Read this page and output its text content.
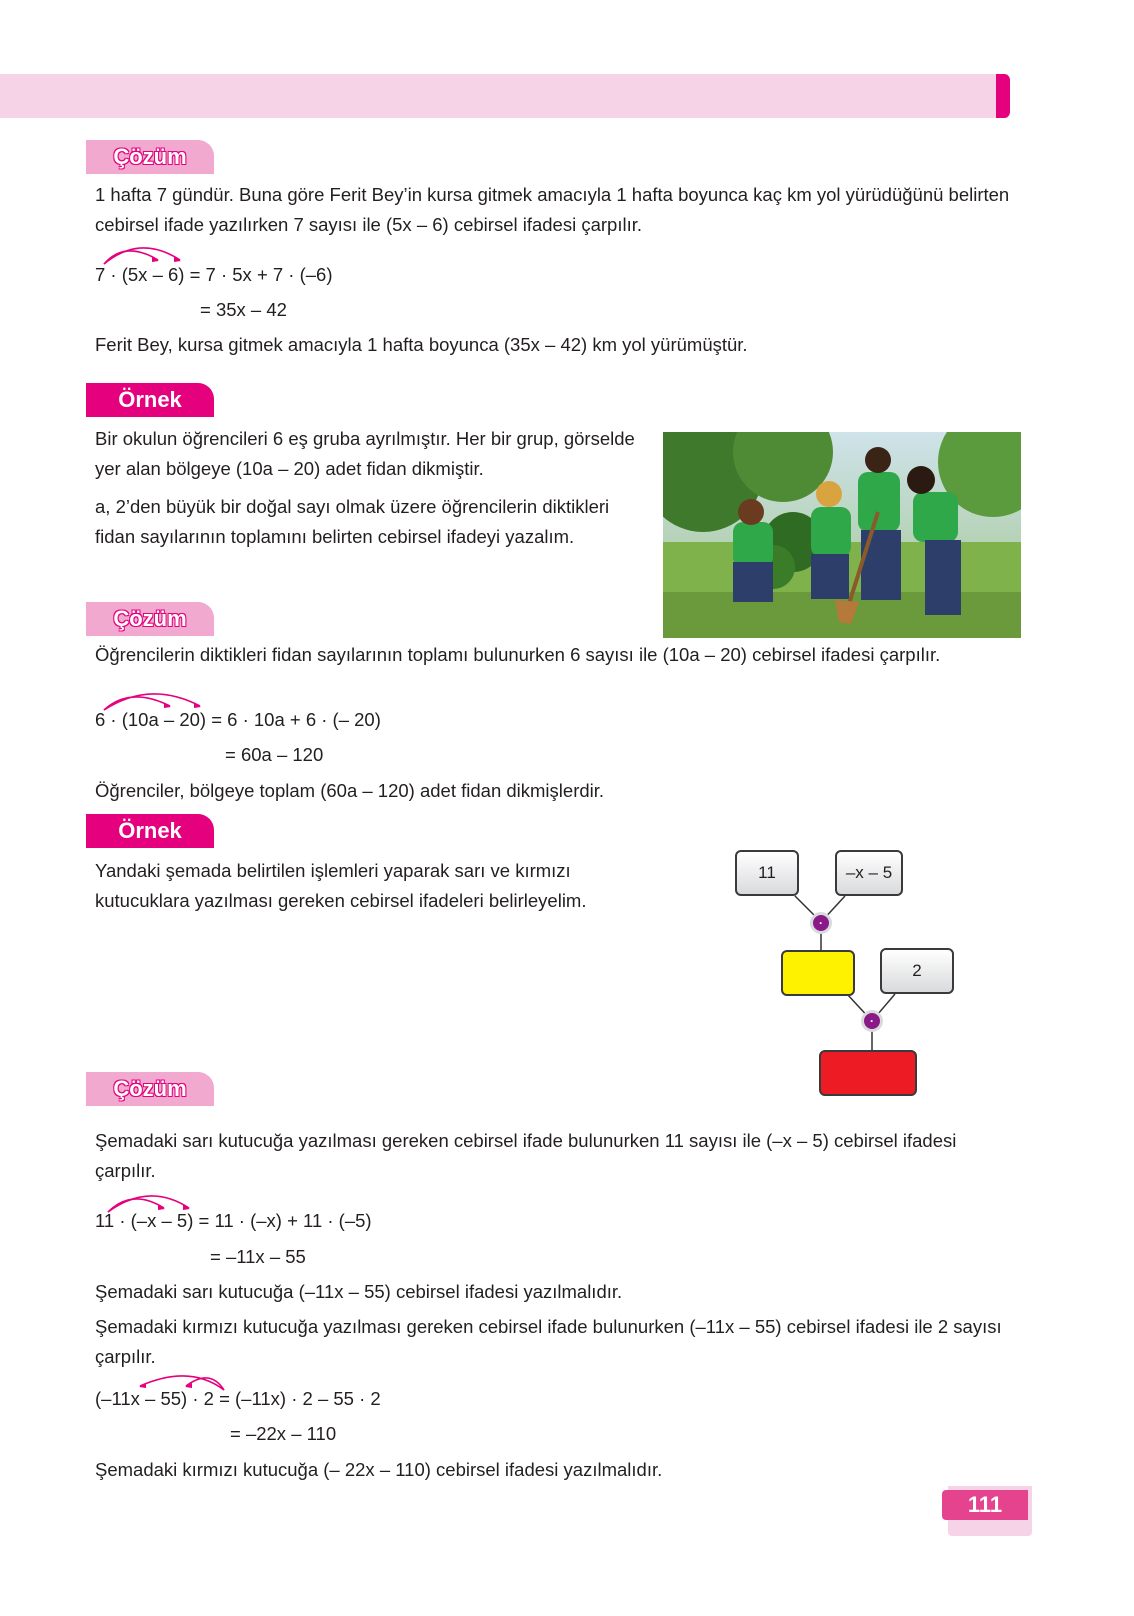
Çözüm

1 hafta 7 gündür. Buna göre Ferit Bey’in kursa gitmek amacıyla 1 hafta boyunca kaç km yol yürüdüğünü belirten cebirsel ifade yazılırken 7 sayısı ile (5x – 6) cebirsel ifadesi çarpılır.

7 · (5x – 6) = 7 · 5x + 7 · (–6)
= 35x – 42

Ferit Bey, kursa gitmek amacıyla 1 hafta boyunca (35x – 42) km yol yürümüştür.

Örnek

Bir okulun öğrencileri 6 eş gruba ayrılmıştır. Her bir grup, görselde yer alan bölgeye (10a – 20) adet fidan dikmiştir.

a, 2’den büyük bir doğal sayı olmak üzere öğrencilerin diktikleri fidan sayılarının toplamını belirten cebirsel ifadeyi yazalım.

Çözüm

Öğrencilerin diktikleri fidan sayılarının toplamı bulunurken 6 sayısı ile (10a – 20) cebirsel ifadesi çarpılır.

6 · (10a – 20) = 6 · 10a + 6 · (– 20)
= 60a – 120

Öğrenciler, bölgeye toplam (60a – 120) adet fidan dikmişlerdir.

Örnek

Yandaki şemada belirtilen işlemleri yaparak sarı ve kırmızı kutucuklara yazılması gereken cebirsel ifadeleri belirleyelim.

11	–x – 5
·
2
·
Çözüm

Şemadaki sarı kutucuğa yazılması gereken cebirsel ifade bulunurken 11 sayısı ile (–x – 5) cebirsel ifadesi çarpılır.

11 · (–x – 5) = 11 · (–x) + 11 · (–5)
= –11x – 55

Şemadaki sarı kutucuğa (–11x – 55) cebirsel ifadesi yazılmalıdır.

Şemadaki kırmızı kutucuğa yazılması gereken cebirsel ifade bulunurken (–11x – 55) cebirsel ifadesi ile 2 sayısı çarpılır.

(–11x – 55) · 2 = (–11x) · 2 – 55 · 2
= –22x – 110

Şemadaki kırmızı kutucuğa (– 22x – 110) cebirsel ifadesi yazılmalıdır.

111
